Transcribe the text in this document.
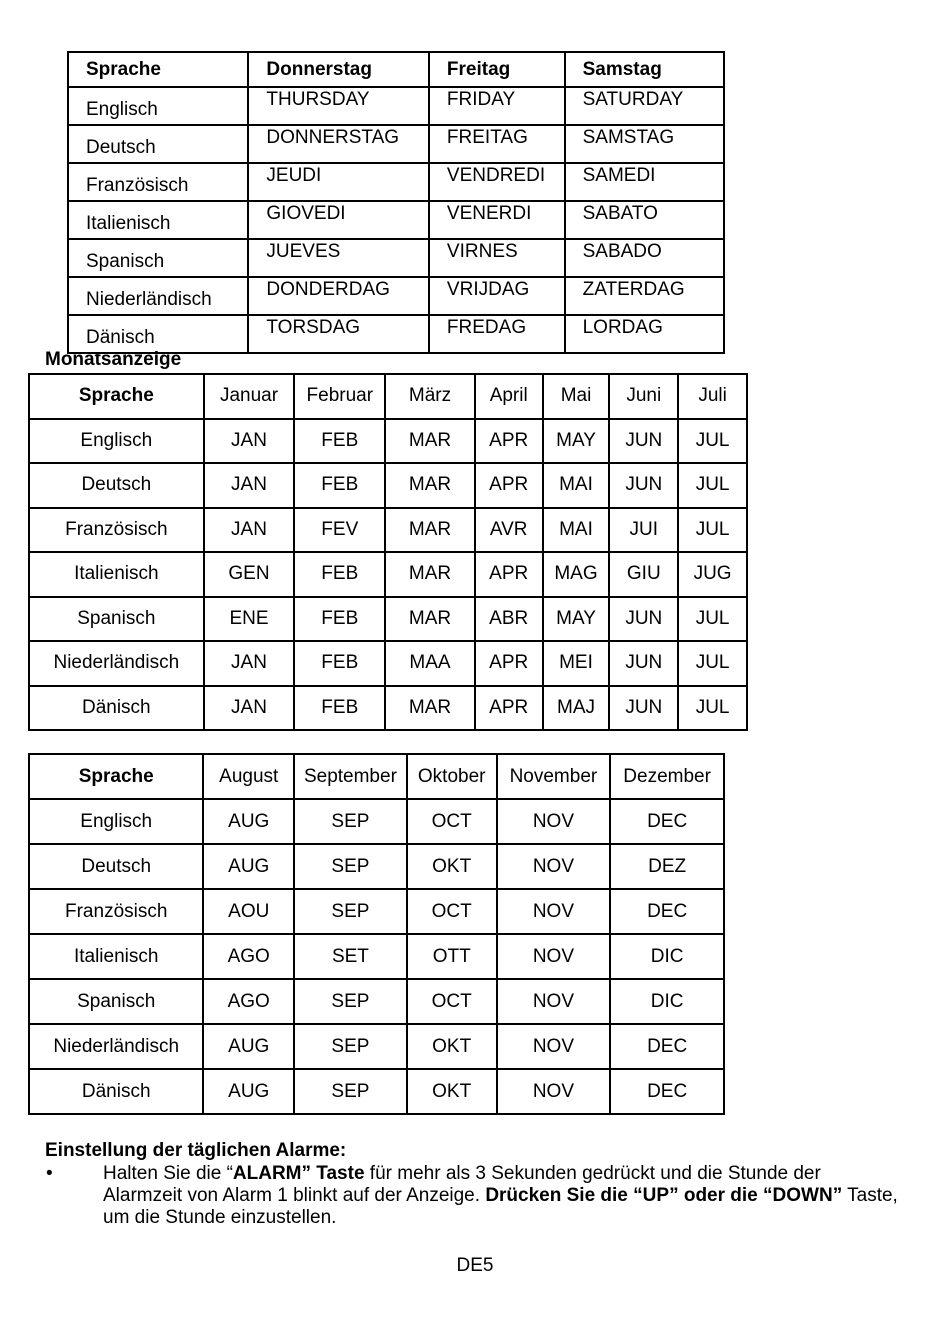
Sprache	Donnerstag	Freitag	Samstag
Englisch	THURSDAY	FRIDAY	SATURDAY
Deutsch	DONNERSTAG	FREITAG	SAMSTAG
Französisch	JEUDI	VENDREDI	SAMEDI
Italienisch	GIOVEDI	VENERDI	SABATO
Spanisch	JUEVES	VIRNES	SABADO
Niederländisch	DONDERDAG	VRIJDAG	ZATERDAG
Dänisch	TORSDAG	FREDAG	LORDAG
Monatsanzeige
Sprache	Januar	Februar	März	April	Mai	Juni	Juli
Englisch	JAN	FEB	MAR	APR	MAY	JUN	JUL
Deutsch	JAN	FEB	MAR	APR	MAI	JUN	JUL
Französisch	JAN	FEV	MAR	AVR	MAI	JUI	JUL
Italienisch	GEN	FEB	MAR	APR	MAG	GIU	JUG
Spanisch	ENE	FEB	MAR	ABR	MAY	JUN	JUL
Niederländisch	JAN	FEB	MAA	APR	MEI	JUN	JUL
Dänisch	JAN	FEB	MAR	APR	MAJ	JUN	JUL
Sprache	August	September	Oktober	November	Dezember
Englisch	AUG	SEP	OCT	NOV	DEC
Deutsch	AUG	SEP	OKT	NOV	DEZ
Französisch	AOU	SEP	OCT	NOV	DEC
Italienisch	AGO	SET	OTT	NOV	DIC
Spanisch	AGO	SEP	OCT	NOV	DIC
Niederländisch	AUG	SEP	OKT	NOV	DEC
Dänisch	AUG	SEP	OKT	NOV	DEC
Einstellung der täglichen Alarme:
•	Halten Sie die “ALARM” Taste für mehr als 3 Sekunden gedrückt und die Stunde der Alarmzeit von Alarm 1 blinkt auf der Anzeige. Drücken Sie die “UP” oder die “DOWN” Taste, um die Stunde einzustellen.
DE5
